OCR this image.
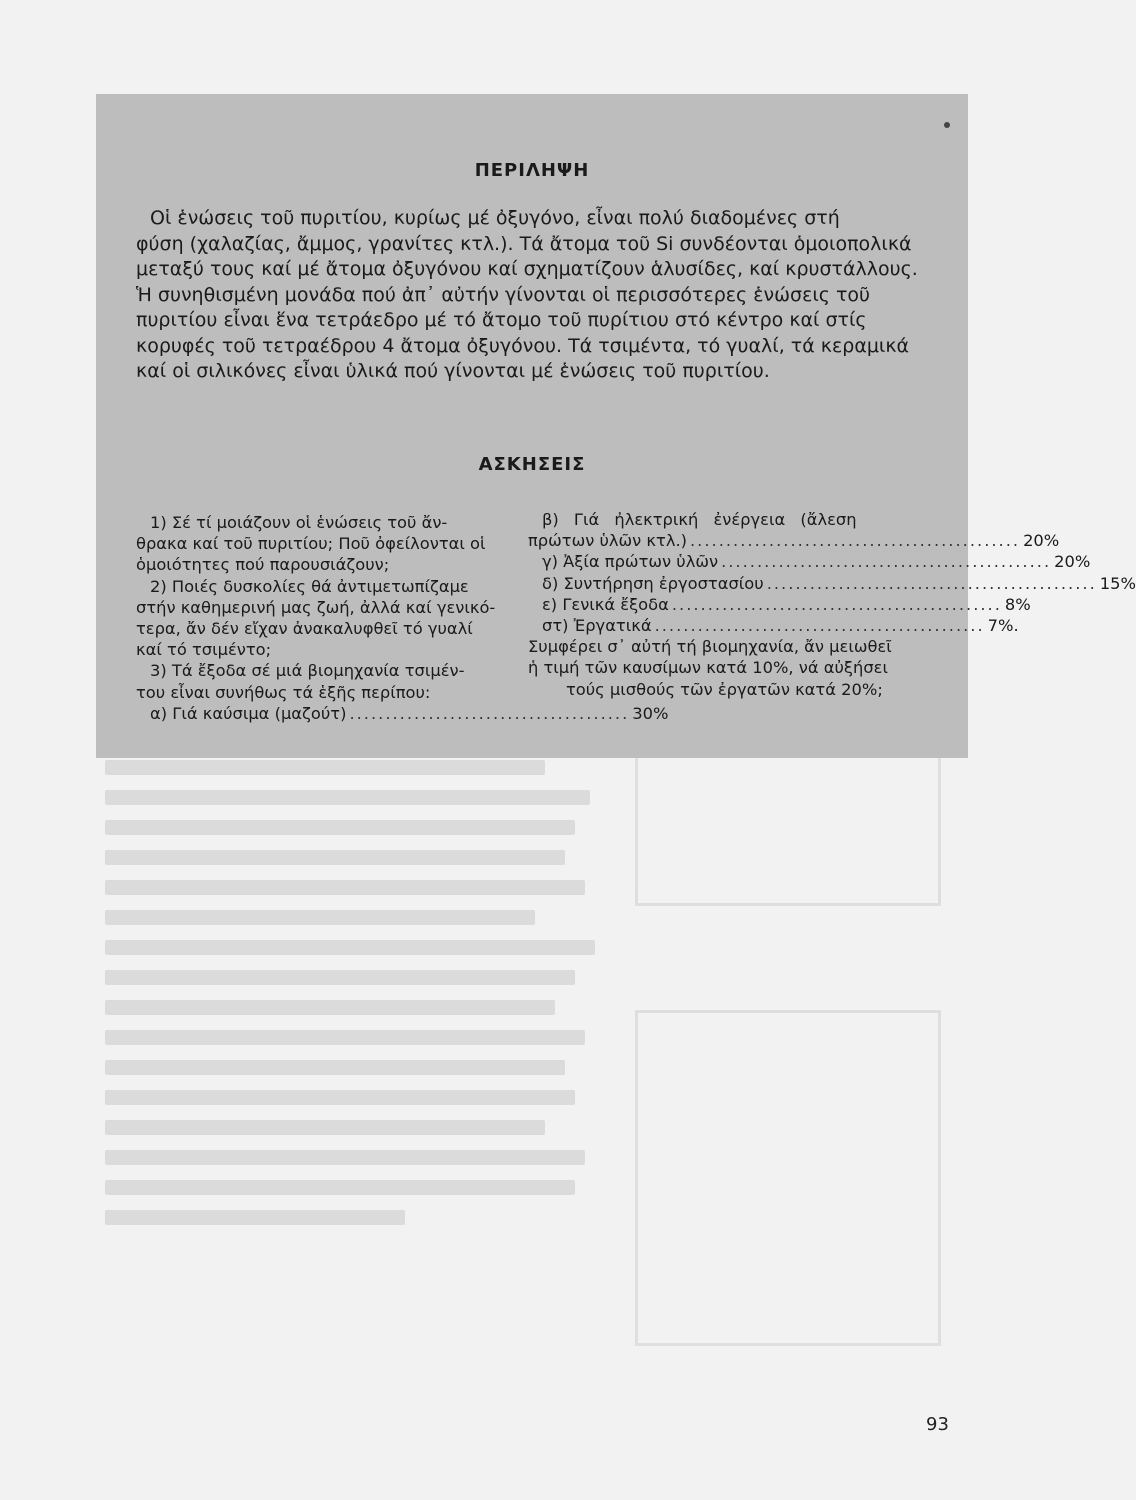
ΠΕΡΙΛΗΨΗ

Οἱ ἑνώσεις τοῦ πυριτίου, κυρίως μέ ὀξυγόνο, εἶναι πολύ διαδομένες στή
φύση (χαλαζίας, ἄμμος, γρανίτες κτλ.). Τά ἄτομα τοῦ Si συνδέονται ὁμοιοπολικά
μεταξύ τους καί μέ ἄτομα ὀξυγόνου καί σχηματίζουν ἁλυσίδες, καί κρυστάλλους.
Ἡ συνηθισμένη μονάδα πού ἀπ᾽ αὐτήν γίνονται οἱ περισσότερες ἑνώσεις τοῦ
πυριτίου εἶναι ἕνα τετράεδρο μέ τό ἄτομο τοῦ πυρίτιου στό κέντρο καί στίς
κορυφές τοῦ τετραέδρου 4 ἄτομα ὀξυγόνου. Τά τσιμέντα, τό γυαλί, τά κεραμικά
καί οἱ σιλικόνες εἶναι ὑλικά πού γίνονται μέ ἑνώσεις τοῦ πυριτίου.

ΑΣΚΗΣΕΙΣ
1) Σέ τί μοιάζουν οἱ ἑνώσεις τοῦ ἄν-
θρακα καί τοῦ πυριτίου; Ποῦ ὀφείλονται οἱ
ὁμοιότητες πού παρουσιάζουν;
2) Ποιές δυσκολίες θά ἀντιμετωπίζαμε
στήν καθημερινή μας ζωή, ἀλλά καί γενικό-
τερα, ἄν δέν εἴχαν ἀνακαλυφθεῖ τό γυαλί
καί τό τσιμέντο;
3) Τά ἔξοδα σέ μιά βιομηχανία τσιμέν-
του εἶναι συνήθως τά ἑξῆς περίπου:
α) Γιά καύσιμα (μαζούτ) ....................................... 30%
β) Γιά ἠλεκτρική ἐνέργεια (ἄλεση
πρώτων ὑλῶν κτλ.) .............................................. 20%
γ) Ἀξία πρώτων ὑλῶν .............................................. 20%
δ) Συντήρηση ἐργοστασίου .............................................. 15%
ε) Γενικά ἔξοδα .............................................. 8%
στ) Ἐργατικά .............................................. 7%.
Συμφέρει σ᾽ αὐτή τή βιομηχανία, ἄν μειωθεῖ
ἡ τιμή τῶν καυσίμων κατά 10%, νά αὐξήσει
τούς μισθούς τῶν ἐργατῶν κατά 20%;
93
